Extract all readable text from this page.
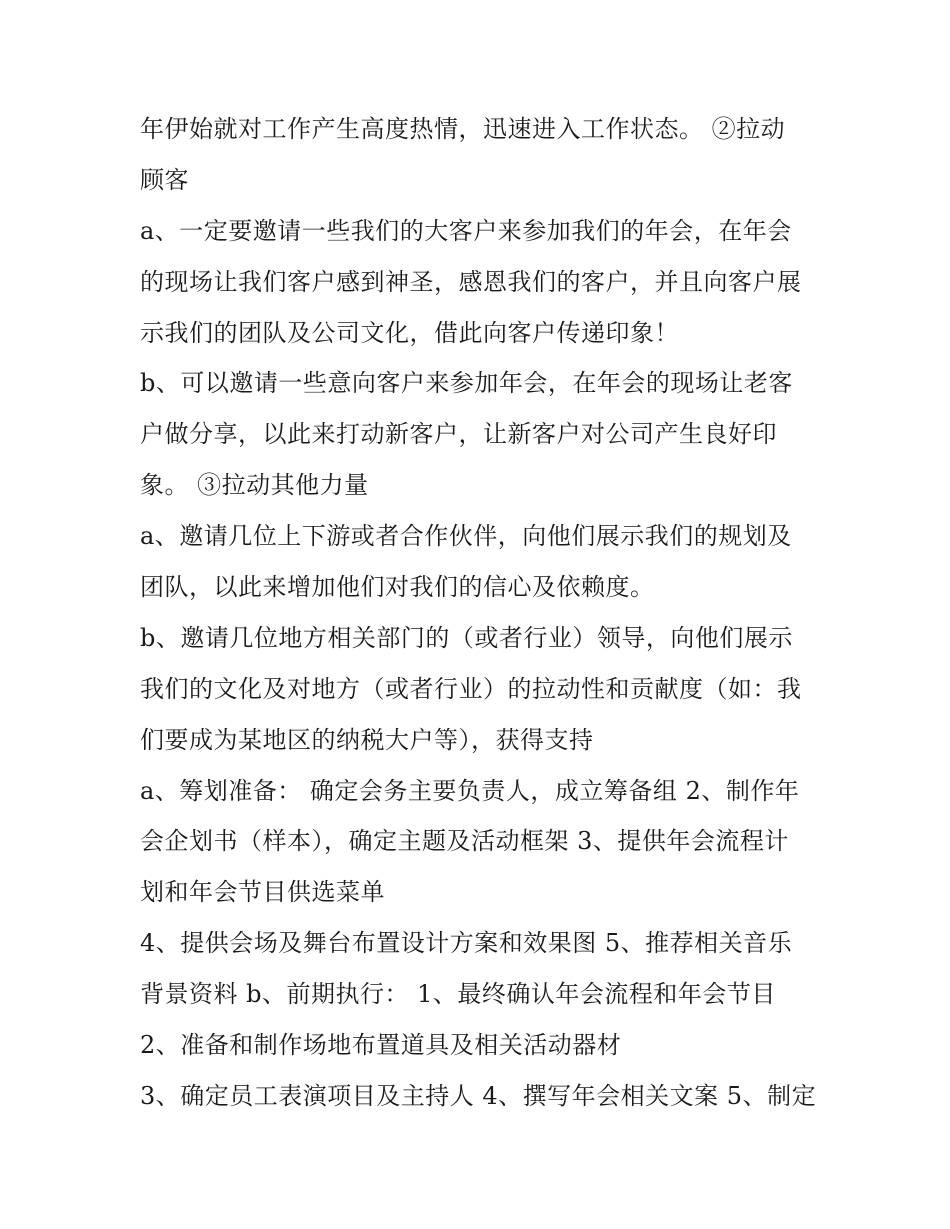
年伊始就对工作产生高度热情，迅速进入工作状态。 ②拉动
顾客
a、一定要邀请一些我们的大客户来参加我们的年会，在年会
的现场让我们客户感到神圣，感恩我们的客户，并且向客户展
示我们的团队及公司文化，借此向客户传递印象！
b、可以邀请一些意向客户来参加年会，在年会的现场让老客
户做分享，以此来打动新客户，让新客户对公司产生良好印
象。 ③拉动其他力量
a、邀请几位上下游或者合作伙伴，向他们展示我们的规划及
团队，以此来增加他们对我们的信心及依赖度。
b、邀请几位地方相关部门的（或者行业）领导，向他们展示
我们的文化及对地方（或者行业）的拉动性和贡献度（如：我
们要成为某地区的纳税大户等），获得支持
a、筹划准备： 确定会务主要负责人，成立筹备组 2、制作年
会企划书（样本），确定主题及活动框架 3、提供年会流程计
划和年会节目供选菜单
4、提供会场及舞台布置设计方案和效果图 5、推荐相关音乐
背景资料 b、前期执行： 1、最终确认年会流程和年会节目
2、准备和制作场地布置道具及相关活动器材
3、确定员工表演项目及主持人 4、撰写年会相关文案 5、制定
